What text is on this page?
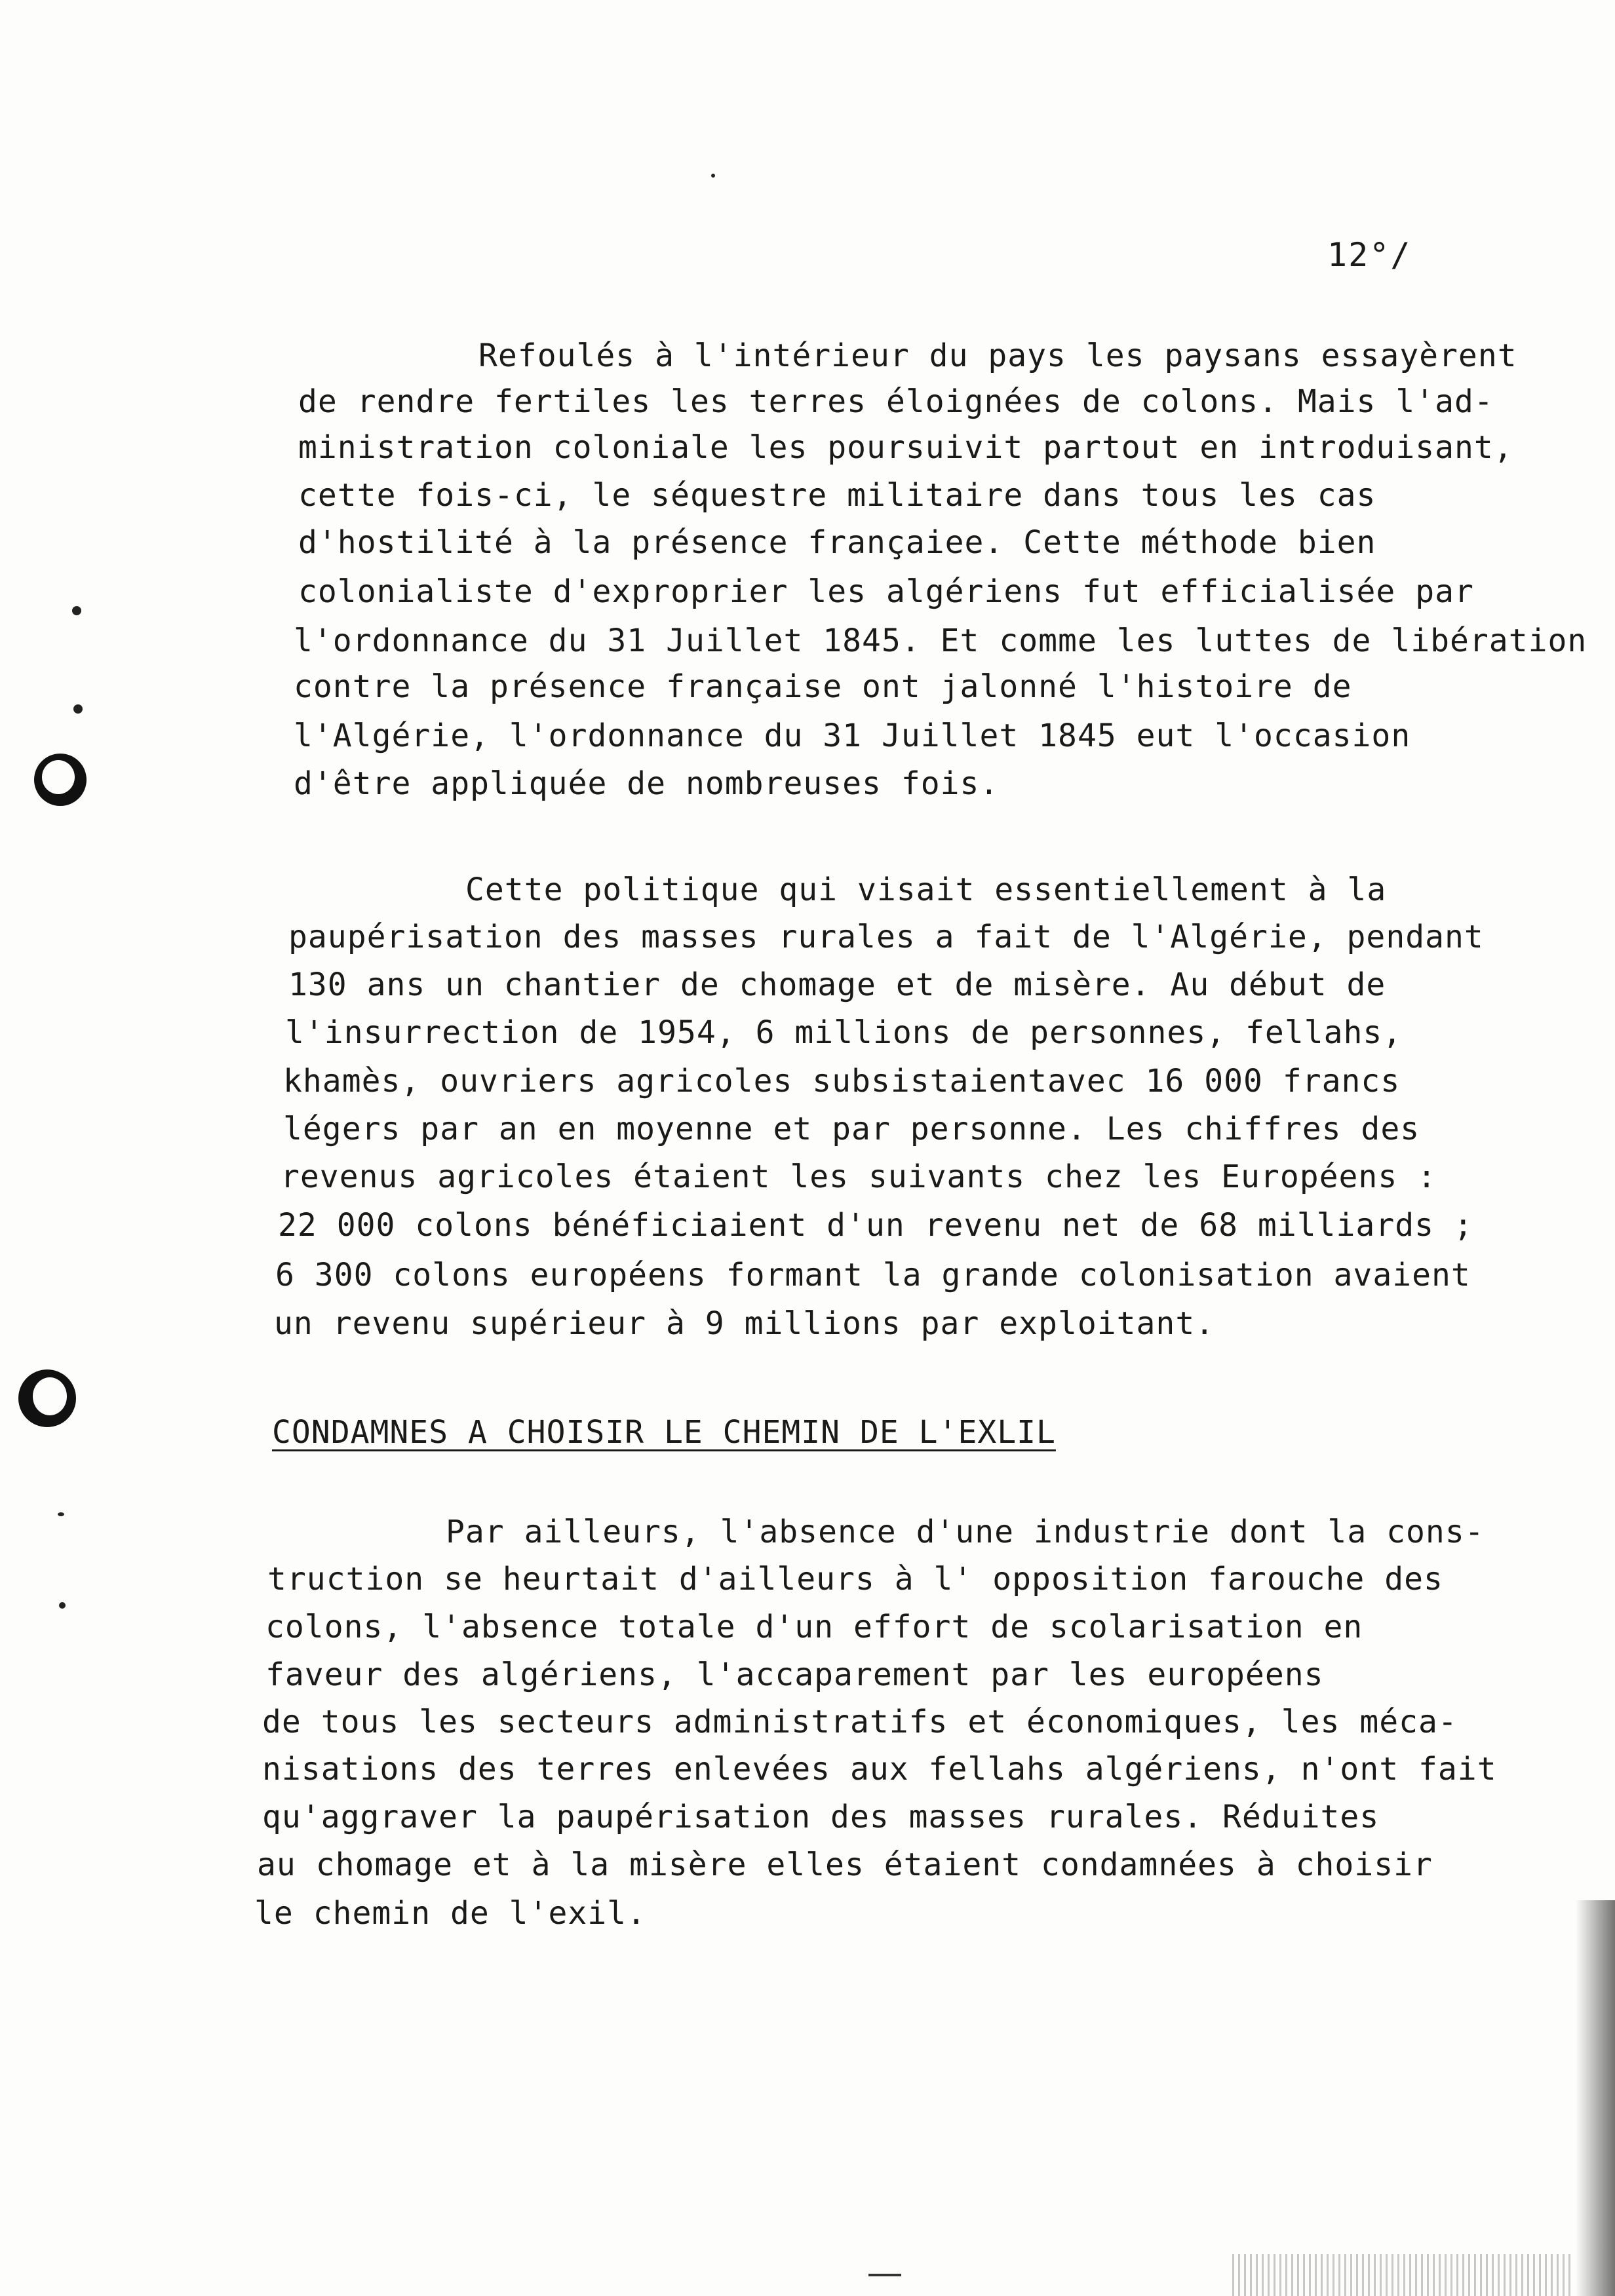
12°/
Refoulés à l'intérieur du pays les paysans essayèrent
de rendre fertiles les terres éloignées de colons. Mais l'ad-
ministration coloniale les poursuivit partout en introduisant,
cette fois-ci, le séquestre militaire dans tous les cas
d'hostilité à la présence françaiee. Cette méthode bien
colonialiste d'exproprier les algériens fut efficialisée par
l'ordonnance du 31 Juillet 1845. Et comme les luttes de libération
contre la présence française ont jalonné l'histoire de
l'Algérie, l'ordonnance du 31 Juillet 1845 eut l'occasion
d'être appliquée de nombreuses fois.
Cette politique qui visait essentiellement à la
paupérisation des masses rurales a fait de l'Algérie, pendant
130 ans un chantier de chomage et de misère. Au début de
l'insurrection de 1954, 6 millions de personnes, fellahs,
khamès, ouvriers agricoles subsistaientavec 16 000 francs
légers par an en moyenne et par personne. Les chiffres des
revenus agricoles étaient les suivants chez les Européens :
22 000 colons bénéficiaient d'un revenu net de 68 milliards ;
6 300 colons européens formant la grande colonisation avaient
un revenu supérieur à 9 millions par exploitant.
CONDAMNES A CHOISIR LE CHEMIN DE L'EXLIL
Par ailleurs, l'absence d'une industrie dont la cons-
truction se heurtait d'ailleurs à l' opposition farouche des
colons, l'absence totale d'un effort de scolarisation en
faveur des algériens, l'accaparement par les européens
de tous les secteurs administratifs et économiques, les méca-
nisations des terres enlevées aux fellahs algériens, n'ont fait
qu'aggraver la paupérisation des masses rurales. Réduites
au chomage et à la misère elles étaient condamnées à choisir
le chemin de l'exil.
